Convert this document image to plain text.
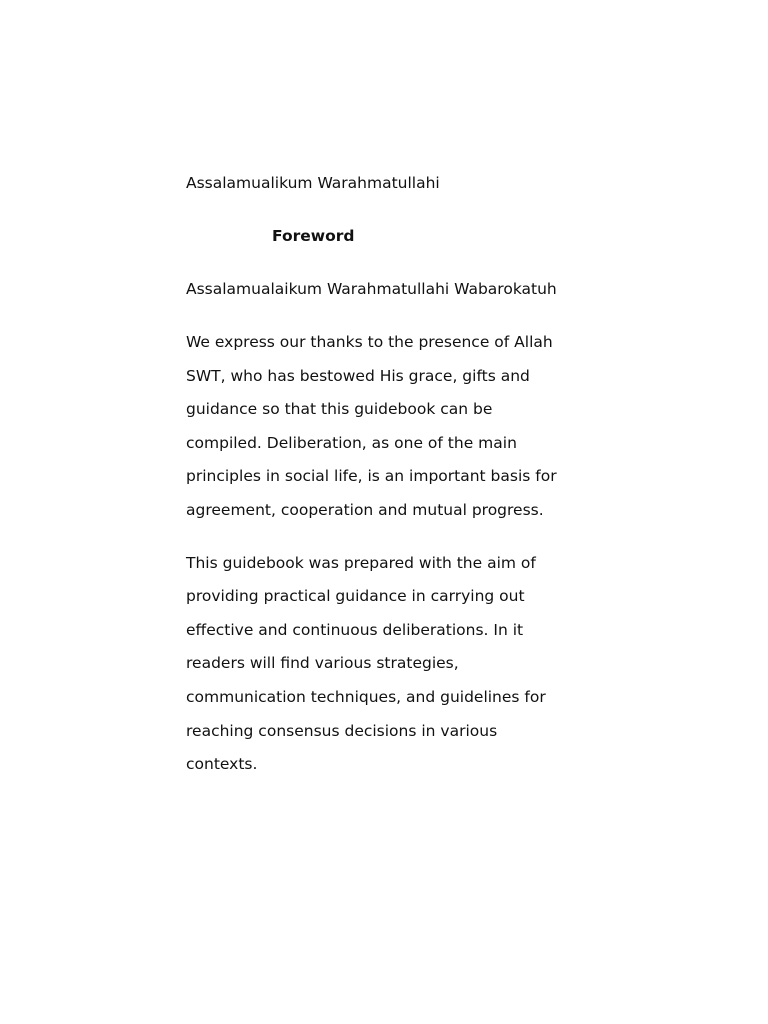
Assalamualikum Warahmatullahi

Foreword

Assalamualaikum Warahmatullahi Wabarokatuh

We express our thanks to the presence of Allah
SWT, who has bestowed His grace, gifts and
guidance so that this guidebook can be
compiled. Deliberation, as one of the main
principles in social life, is an important basis for
agreement, cooperation and mutual progress.

This guidebook was prepared with the aim of
providing practical guidance in carrying out
effective and continuous deliberations. In it
readers will find various strategies,
communication techniques, and guidelines for
reaching consensus decisions in various
contexts.
